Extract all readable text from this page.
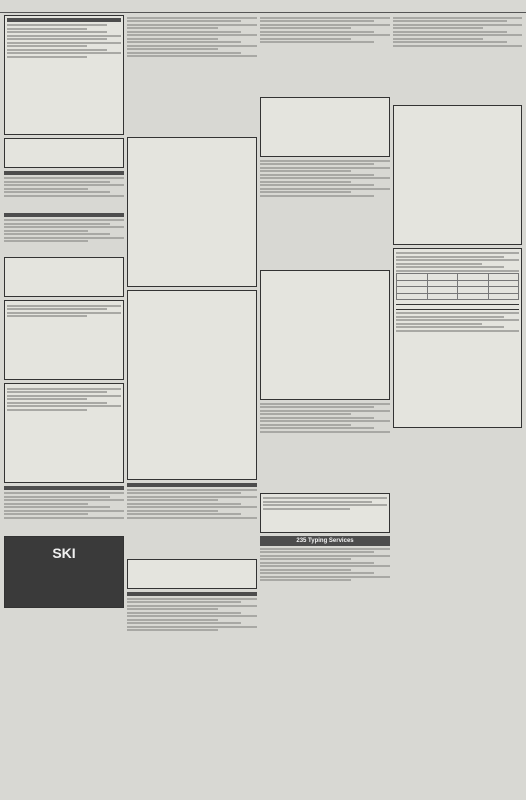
SKI
235 Typing Services
